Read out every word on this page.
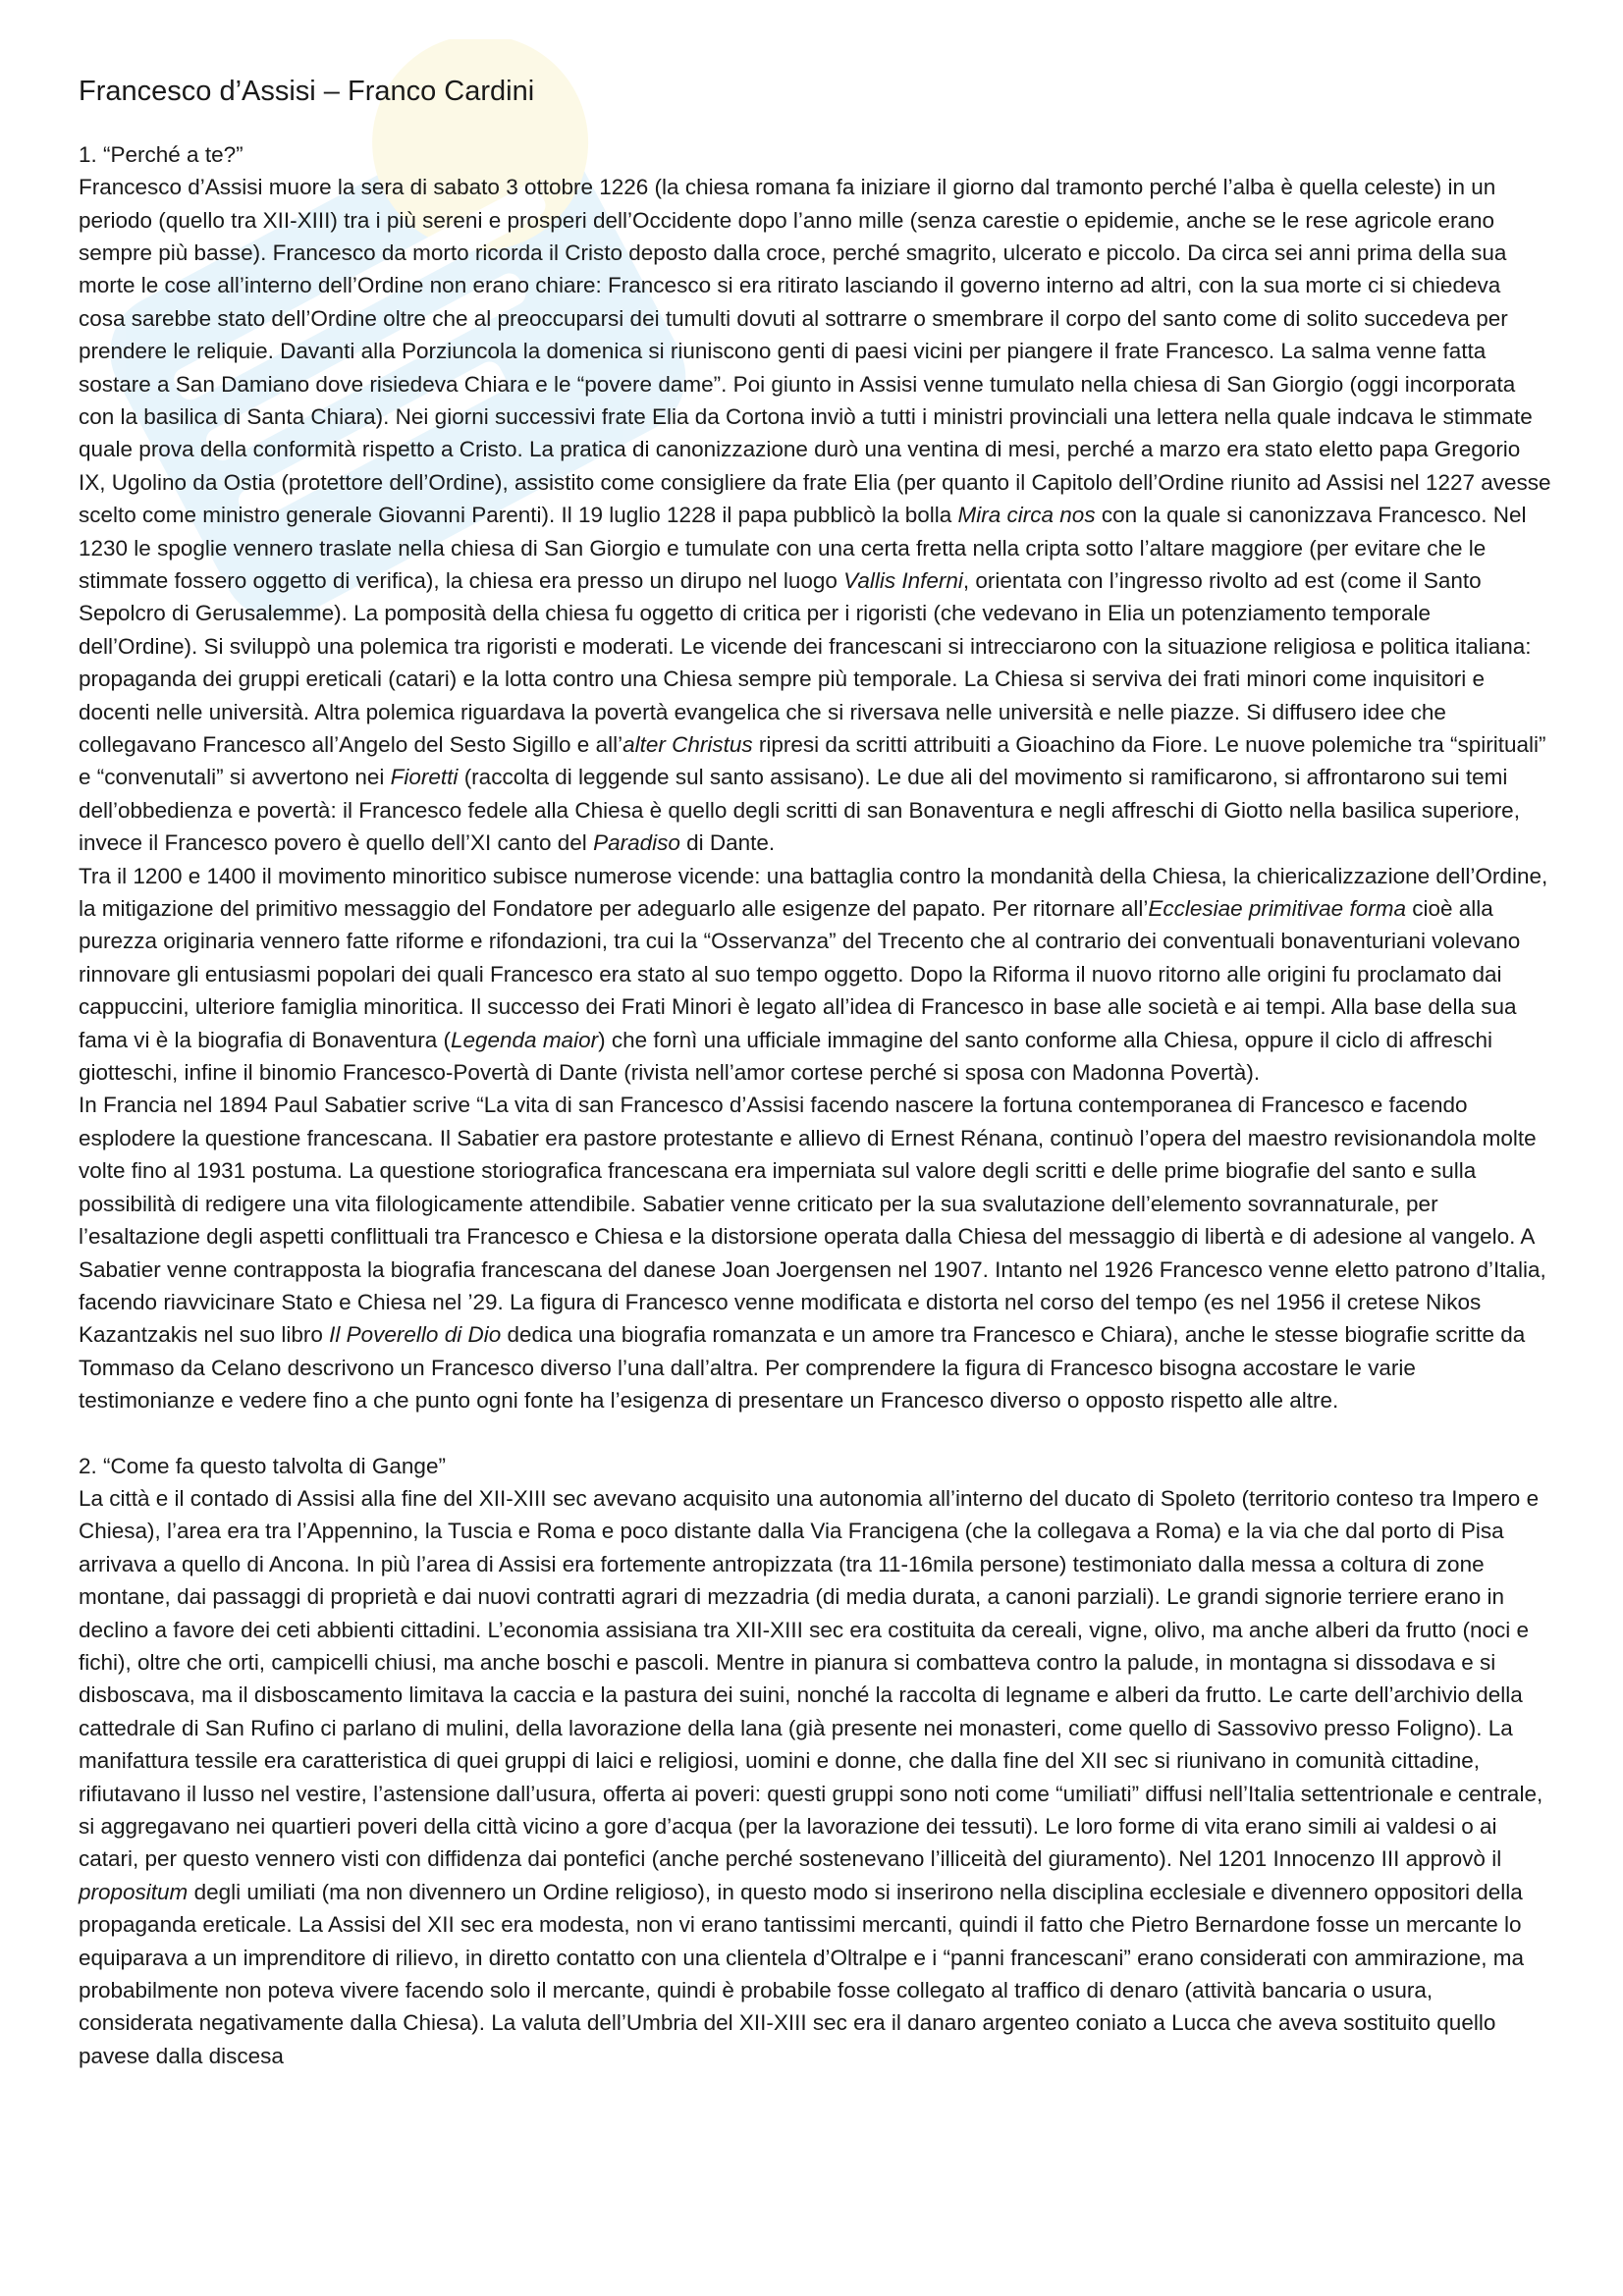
Francesco d’Assisi – Franco Cardini

1. “Perché a te?”

Francesco d’Assisi muore la sera di sabato 3 ottobre 1226 (la chiesa romana fa iniziare il giorno dal tramonto perché l’alba è quella celeste) in un periodo (quello tra XII-XIII) tra i più sereni e prosperi dell’Occidente dopo l’anno mille (senza carestie o epidemie, anche se le rese agricole erano sempre più basse). Francesco da morto ricorda il Cristo deposto dalla croce, perché smagrito, ulcerato e piccolo. Da circa sei anni prima della sua morte le cose all’interno dell’Ordine non erano chiare: Francesco si era ritirato lasciando il governo interno ad altri, con la sua morte ci si chiedeva cosa sarebbe stato dell’Ordine oltre che al preoccuparsi dei tumulti dovuti al sottrarre o smembrare il corpo del santo come di solito succedeva per prendere le reliquie. Davanti alla Porziuncola la domenica si riuniscono genti di paesi vicini per piangere il frate Francesco. La salma venne fatta sostare a San Damiano dove risiedeva Chiara e le “povere dame”. Poi giunto in Assisi venne tumulato nella chiesa di San Giorgio (oggi incorporata con la basilica di Santa Chiara). Nei giorni successivi frate Elia da Cortona inviò a tutti i ministri provinciali una lettera nella quale indcava le stimmate quale prova della conformità rispetto a Cristo. La pratica di canonizzazione durò una ventina di mesi, perché a marzo era stato eletto papa Gregorio IX, Ugolino da Ostia (protettore dell’Ordine), assistito come consigliere da frate Elia (per quanto il Capitolo dell’Ordine riunito ad Assisi nel 1227 avesse scelto come ministro generale Giovanni Parenti). Il 19 luglio 1228 il papa pubblicò la bolla Mira circa nos con la quale si canonizzava Francesco. Nel 1230 le spoglie vennero traslate nella chiesa di San Giorgio e tumulate con una certa fretta nella cripta sotto l’altare maggiore (per evitare che le stimmate fossero oggetto di verifica), la chiesa era presso un dirupo nel luogo Vallis Inferni, orientata con l’ingresso rivolto ad est (come il Santo Sepolcro di Gerusalemme). La pomposità della chiesa fu oggetto di critica per i rigoristi (che vedevano in Elia un potenziamento temporale dell’Ordine). Si sviluppò una polemica tra rigoristi e moderati. Le vicende dei francescani si intrecciarono con la situazione religiosa e politica italiana: propaganda dei gruppi ereticali (catari) e la lotta contro una Chiesa sempre più temporale. La Chiesa si serviva dei frati minori come inquisitori e docenti nelle università. Altra polemica riguardava la povertà evangelica che si riversava nelle università e nelle piazze. Si diffusero idee che collegavano Francesco all’Angelo del Sesto Sigillo e all’alter Christus ripresi da scritti attribuiti a Gioachino da Fiore. Le nuove polemiche tra “spirituali” e “convenutali” si avvertono nei Fioretti (raccolta di leggende sul santo assisano). Le due ali del movimento si ramificarono, si affrontarono sui temi dell’obbedienza e povertà: il Francesco fedele alla Chiesa è quello degli scritti di san Bonaventura e negli affreschi di Giotto nella basilica superiore, invece il Francesco povero è quello dell’XI canto del Paradiso di Dante.

Tra il 1200 e 1400 il movimento minoritico subisce numerose vicende: una battaglia contro la mondanità della Chiesa, la chiericalizzazione dell’Ordine, la mitigazione del primitivo messaggio del Fondatore per adeguarlo alle esigenze del papato. Per ritornare all’Ecclesiae primitivae forma cioè alla purezza originaria vennero fatte riforme e rifondazioni, tra cui la “Osservanza” del Trecento che al contrario dei conventuali bonaventuriani volevano rinnovare gli entusiasmi popolari dei quali Francesco era stato al suo tempo oggetto. Dopo la Riforma il nuovo ritorno alle origini fu proclamato dai cappuccini, ulteriore famiglia minoritica. Il successo dei Frati Minori è legato all’idea di Francesco in base alle società e ai tempi. Alla base della sua fama vi è la biografia di Bonaventura (Legenda maior) che fornì una ufficiale immagine del santo conforme alla Chiesa, oppure il ciclo di affreschi giotteschi, infine il binomio Francesco-Povertà di Dante (rivista nell’amor cortese perché si sposa con Madonna Povertà).

In Francia nel 1894 Paul Sabatier scrive “La vita di san Francesco d’Assisi facendo nascere la fortuna contemporanea di Francesco e facendo esplodere la questione francescana. Il Sabatier era pastore protestante e allievo di Ernest Rénana, continuò l’opera del maestro revisionandola molte volte fino al 1931 postuma. La questione storiografica francescana era imperniata sul valore degli scritti e delle prime biografie del santo e sulla possibilità di redigere una vita filologicamente attendibile. Sabatier venne criticato per la sua svalutazione dell’elemento sovrannaturale, per l’esaltazione degli aspetti conflittuali tra Francesco e Chiesa e la distorsione operata dalla Chiesa del messaggio di libertà e di adesione al vangelo. A Sabatier venne contrapposta la biografia francescana del danese Joan Joergensen nel 1907. Intanto nel 1926 Francesco venne eletto patrono d’Italia, facendo riavvicinare Stato e Chiesa nel ’29. La figura di Francesco venne modificata e distorta nel corso del tempo (es nel 1956 il cretese Nikos Kazantzakis nel suo libro Il Poverello di Dio dedica una biografia romanzata e un amore tra Francesco e Chiara), anche le stesse biografie scritte da Tommaso da Celano descrivono un Francesco diverso l’una dall’altra. Per comprendere la figura di Francesco bisogna accostare le varie testimonianze e vedere fino a che punto ogni fonte ha l’esigenza di presentare un Francesco diverso o opposto rispetto alle altre.

2. “Come fa questo talvolta di Gange”

La città e il contado di Assisi alla fine del XII-XIII sec avevano acquisito una autonomia all’interno del ducato di Spoleto (territorio conteso tra Impero e Chiesa), l’area era tra l’Appennino, la Tuscia e Roma e poco distante dalla Via Francigena (che la collegava a Roma) e la via che dal porto di Pisa arrivava a quello di Ancona. In più l’area di Assisi era fortemente antropizzata (tra 11-16mila persone) testimoniato dalla messa a coltura di zone montane, dai passaggi di proprietà e dai nuovi contratti agrari di mezzadria (di media durata, a canoni parziali). Le grandi signorie terriere erano in declino a favore dei ceti abbienti cittadini. L’economia assisiana tra XII-XIII sec era costituita da cereali, vigne, olivo, ma anche alberi da frutto (noci e fichi), oltre che orti, campicelli chiusi, ma anche boschi e pascoli. Mentre in pianura si combatteva contro la palude, in montagna si dissodava e si disboscava, ma il disboscamento limitava la caccia e la pastura dei suini, nonché la raccolta di legname e alberi da frutto. Le carte dell’archivio della cattedrale di San Rufino ci parlano di mulini, della lavorazione della lana (già presente nei monasteri, come quello di Sassovivo presso Foligno). La manifattura tessile era caratteristica di quei gruppi di laici e religiosi, uomini e donne, che dalla fine del XII sec si riunivano in comunità cittadine, rifiutavano il lusso nel vestire, l’astensione dall’usura, offerta ai poveri: questi gruppi sono noti come “umiliati” diffusi nell’Italia settentrionale e centrale, si aggregavano nei quartieri poveri della città vicino a gore d’acqua (per la lavorazione dei tessuti). Le loro forme di vita erano simili ai valdesi o ai catari, per questo vennero visti con diffidenza dai pontefici (anche perché sostenevano l’illiceità del giuramento). Nel 1201 Innocenzo III approvò il propositum degli umiliati (ma non divennero un Ordine religioso), in questo modo si inserirono nella disciplina ecclesiale e divennero oppositori della propaganda ereticale. La Assisi del XII sec era modesta, non vi erano tantissimi mercanti, quindi il fatto che Pietro Bernardone fosse un mercante lo equiparava a un imprenditore di rilievo, in diretto contatto con una clientela d’Oltralpe e i “panni francescani” erano considerati con ammirazione, ma probabilmente non poteva vivere facendo solo il mercante, quindi è probabile fosse collegato al traffico di denaro (attività bancaria o usura, considerata negativamente dalla Chiesa). La valuta dell’Umbria del XII-XIII sec era il danaro argenteo coniato a Lucca che aveva sostituito quello pavese dalla discesa
